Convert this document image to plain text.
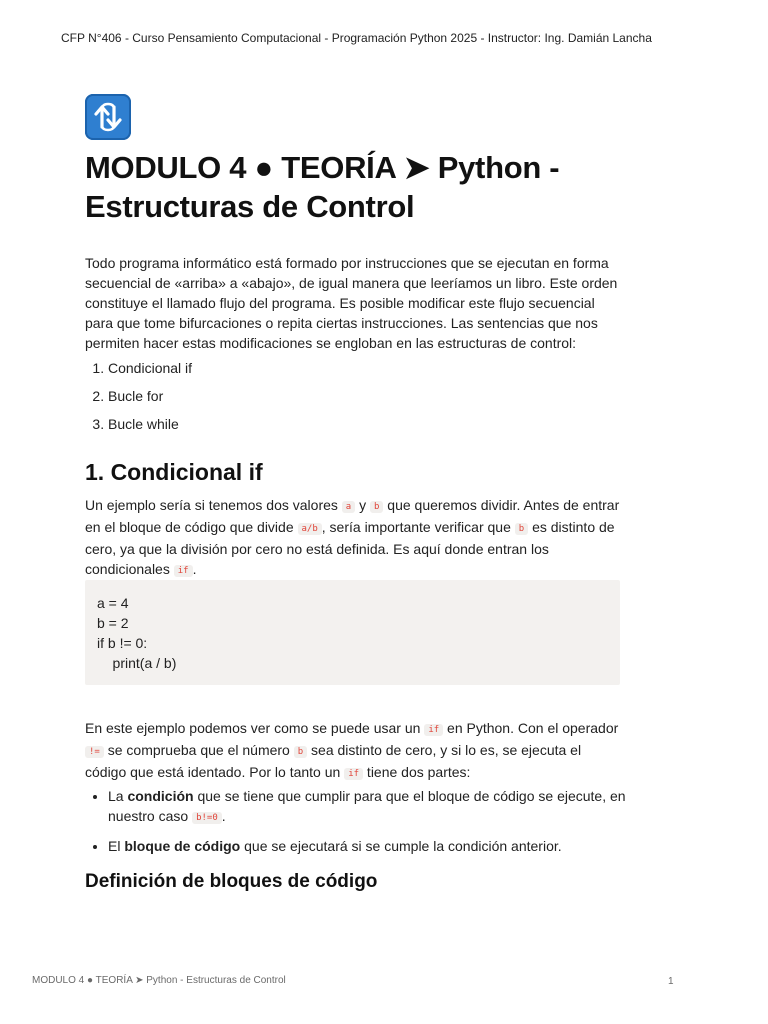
CFP N°406 - Curso Pensamiento Computacional - Programación Python 2025 - Instructor: Ing. Damián Lancha
MODULO 4 ● TEORÍA ➤ Python -
Estructuras de Control

Todo programa informático está formado por instrucciones que se ejecutan en forma secuencial de «arriba» a «abajo», de igual manera que leeríamos un libro. Este orden constituye el llamado flujo del programa. Es posible modificar este flujo secuencial para que tome bifurcaciones o repita ciertas instrucciones. Las sentencias que nos permiten hacer estas modificaciones se engloban en las estructuras de control:

1. Condicional if
2. Bucle for
3. Bucle while
1. Condicional if

Un ejemplo sería si tenemos dos valores a y b que queremos dividir. Antes de entrar en el bloque de código que divide a/b , sería importante verificar que b es distinto de cero, ya que la división por cero no está definida. Es aquí donde entran los condicionales if .

a = 4
b = 2
if b != 0:
print(a / b)

En este ejemplo podemos ver como se puede usar un if en Python. Con el operador != se comprueba que el número b sea distinto de cero, y si lo es, se ejecuta el código que está identado. Por lo tanto un if tiene dos partes:

• La condición que se tiene que cumplir para que el bloque de código se ejecute, en nuestro caso b!=0 .
• El bloque de código que se ejecutará si se cumple la condición anterior.
Definición de bloques de código
MODULO 4 ● TEORÍA ➤ Python - Estructuras de Control	1
